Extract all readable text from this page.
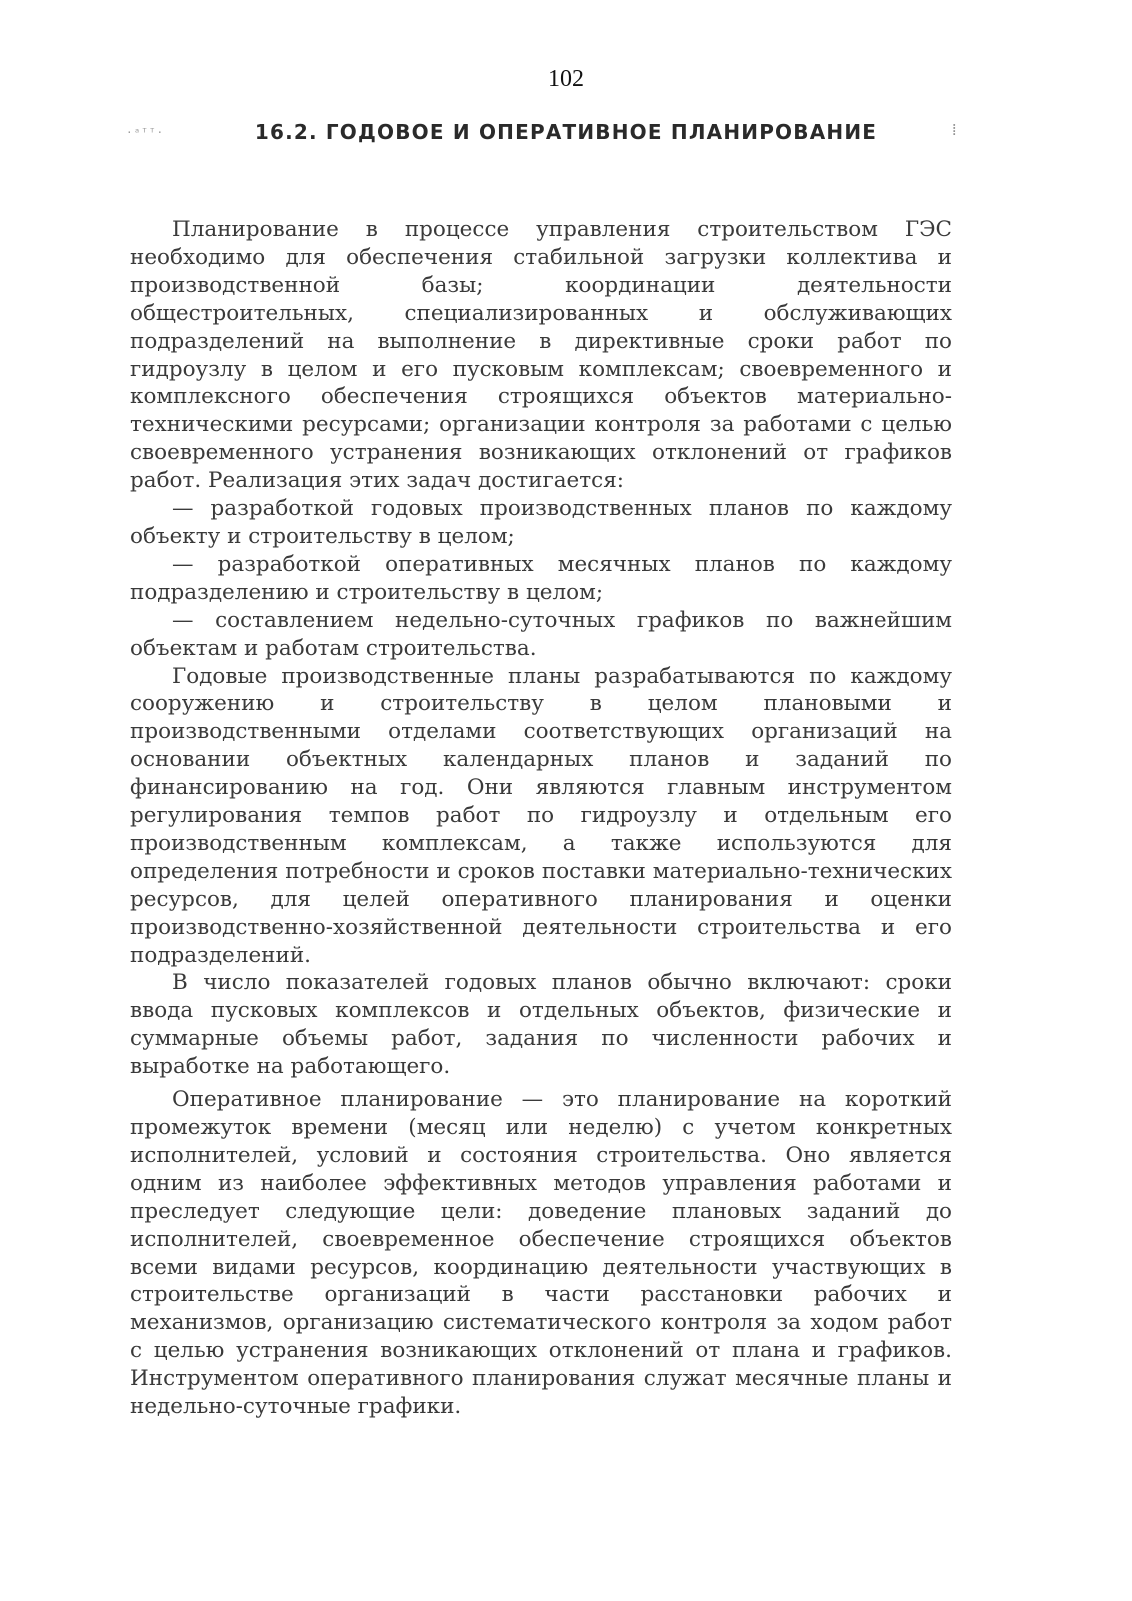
102
·ᵃᵀᵀ·	16.2. ГОДОВОЕ И ОПЕРАТИВНОЕ ПЛАНИРОВАНИЕ	⁞

Планирование в процессе управления строительством ГЭС необходимо для обеспечения стабильной загрузки коллектива и производственной базы; координации деятельности общестроительных, специализированных и обслуживающих подразделений на выполнение в директивные сроки работ по гидроузлу в целом и его пусковым комплексам; своевременного и комплексного обеспечения строящихся объектов материально-техническими ресурсами; организации контроля за работами с целью своевременного устранения возникающих отклонений от графиков работ. Реализация этих задач достигается:

— разработкой годовых производственных планов по каждому объекту и строительству в целом;

— разработкой оперативных месячных планов по каждому подразделению и строительству в целом;

— составлением недельно-суточных графиков по важнейшим объектам и работам строительства.

Годовые производственные планы разрабатываются по каждому сооружению и строительству в целом плановыми и производственными отделами соответствующих организаций на основании объектных календарных планов и заданий по финансированию на год. Они являются главным инструментом регулирования темпов работ по гидроузлу и отдельным его производственным комплексам, а также используются для определения потребности и сроков поставки материально-технических ресурсов, для целей оперативного планирования и оценки производственно-хозяйственной деятельности строительства и его подразделений.

В число показателей годовых планов обычно включают: сроки ввода пусковых комплексов и отдельных объектов, физические и суммарные объемы работ, задания по численности рабочих и выработке на работающего.

Оперативное планирование — это планирование на короткий промежуток времени (месяц или неделю) с учетом конкретных исполнителей, условий и состояния строительства. Оно является одним из наиболее эффективных методов управления работами и преследует следующие цели: доведение плановых заданий до исполнителей, своевременное обеспечение строящихся объектов всеми видами ресурсов, координацию деятельности участвующих в строительстве организаций в части расстановки рабочих и механизмов, организацию систематического контроля за ходом работ с целью устранения возникающих отклонений от плана и графиков. Инструментом оперативного планирования служат месячные планы и недельно-суточные графики.
